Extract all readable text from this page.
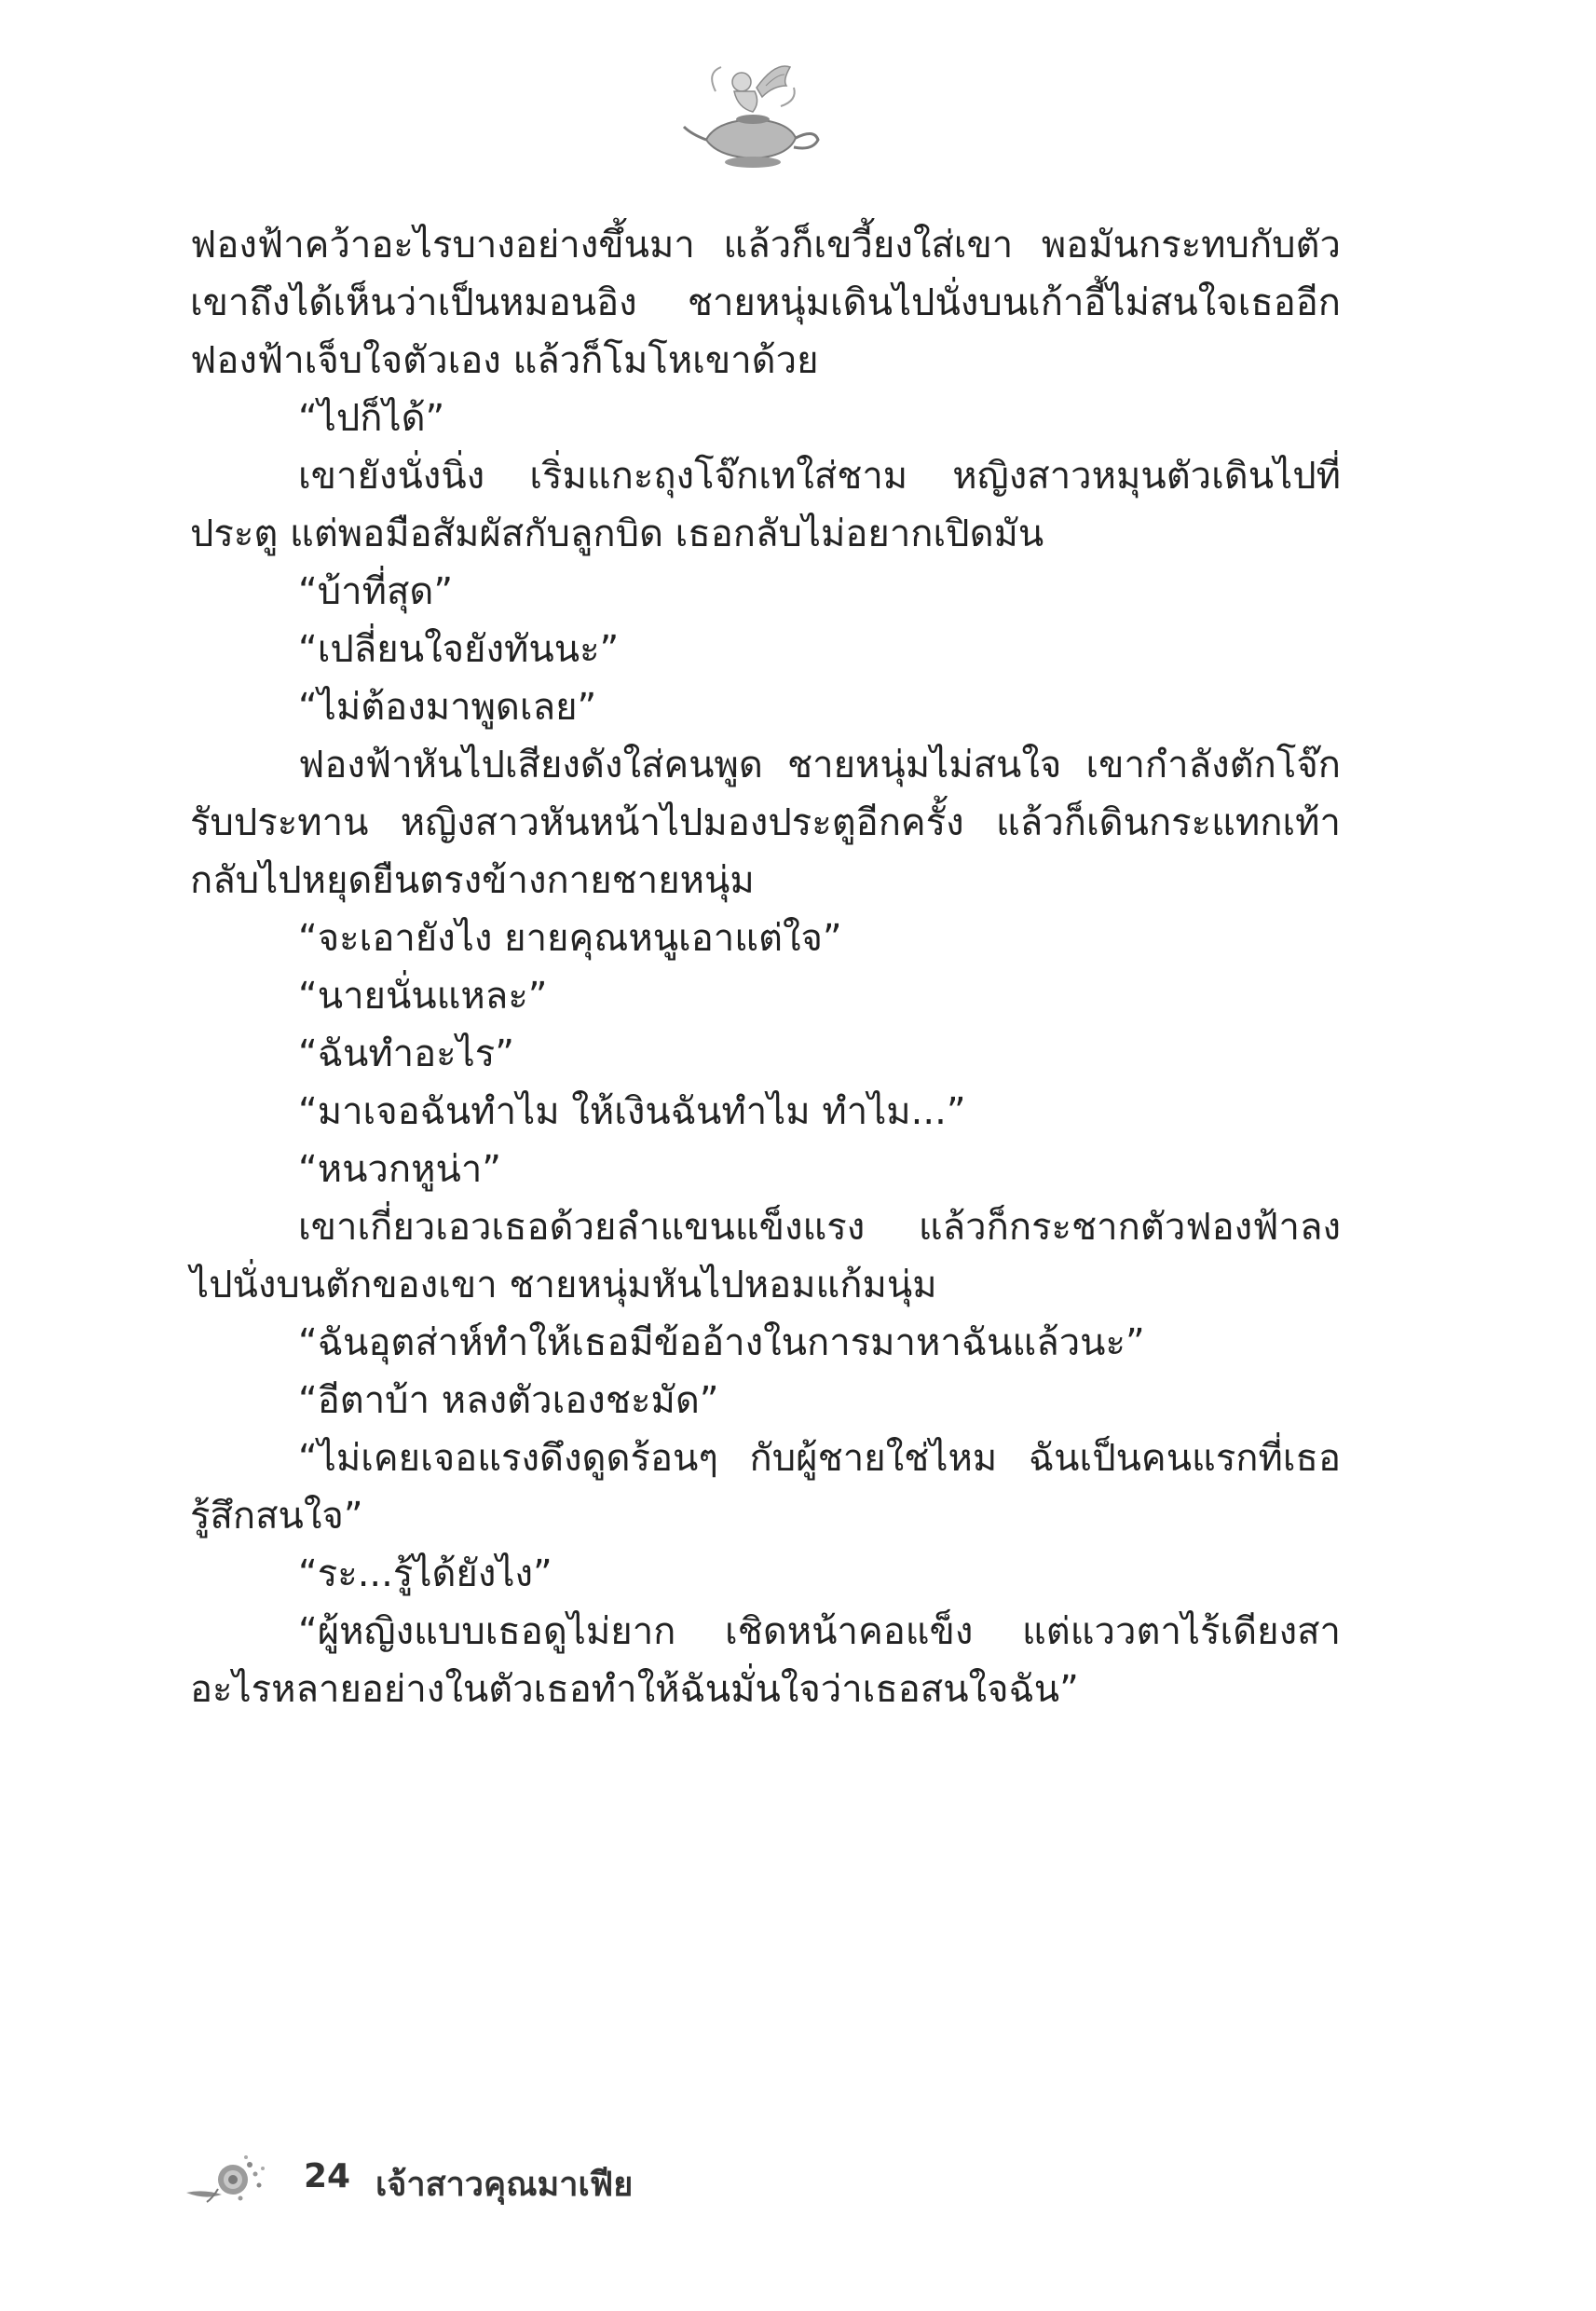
ฟองฟ้าคว้าอะไรบางอย่างขึ้นมา แล้วก็เขวี้ยงใส่เขา พอมันกระทบกับตัวเขาถึงได้เห็นว่าเป็นหมอนอิง ชายหนุ่มเดินไปนั่งบนเก้าอี้ไม่สนใจเธออีก ฟองฟ้าเจ็บใจตัวเอง แล้วก็โมโหเขาด้วย

“ไปก็ได้”

เขายังนั่งนิ่ง เริ่มแกะถุงโจ๊กเทใส่ชาม หญิงสาวหมุนตัวเดินไปที่ประตู แต่พอมือสัมผัสกับลูกบิด เธอกลับไม่อยากเปิดมัน

“บ้าที่สุด”

“เปลี่ยนใจยังทันนะ”

“ไม่ต้องมาพูดเลย”

ฟองฟ้าหันไปเสียงดังใส่คนพูด ชายหนุ่มไม่สนใจ เขากำลังตักโจ๊กรับประทาน หญิงสาวหันหน้าไปมองประตูอีกครั้ง แล้วก็เดินกระแทกเท้ากลับไปหยุดยืนตรงข้างกายชายหนุ่ม

“จะเอายังไง ยายคุณหนูเอาแต่ใจ”

“นายนั่นแหละ”

“ฉันทำอะไร”

“มาเจอฉันทำไม ให้เงินฉันทำไม ทำไม...”

“หนวกหูน่า”

เขาเกี่ยวเอวเธอด้วยลำแขนแข็งแรง แล้วก็กระชากตัวฟองฟ้าลงไปนั่งบนตักของเขา ชายหนุ่มหันไปหอมแก้มนุ่ม

“ฉันอุตส่าห์ทำให้เธอมีข้ออ้างในการมาหาฉันแล้วนะ”

“อีตาบ้า หลงตัวเองชะมัด”

“ไม่เคยเจอแรงดึงดูดร้อนๆ กับผู้ชายใช่ไหม ฉันเป็นคนแรกที่เธอรู้สึกสนใจ”

“ระ...รู้ได้ยังไง”

“ผู้หญิงแบบเธอดูไม่ยาก เชิดหน้าคอแข็ง แต่แววตาไร้เดียงสาอะไรหลายอย่างในตัวเธอทำให้ฉันมั่นใจว่าเธอสนใจฉัน”

24 เจ้าสาวคุณมาเฟีย
